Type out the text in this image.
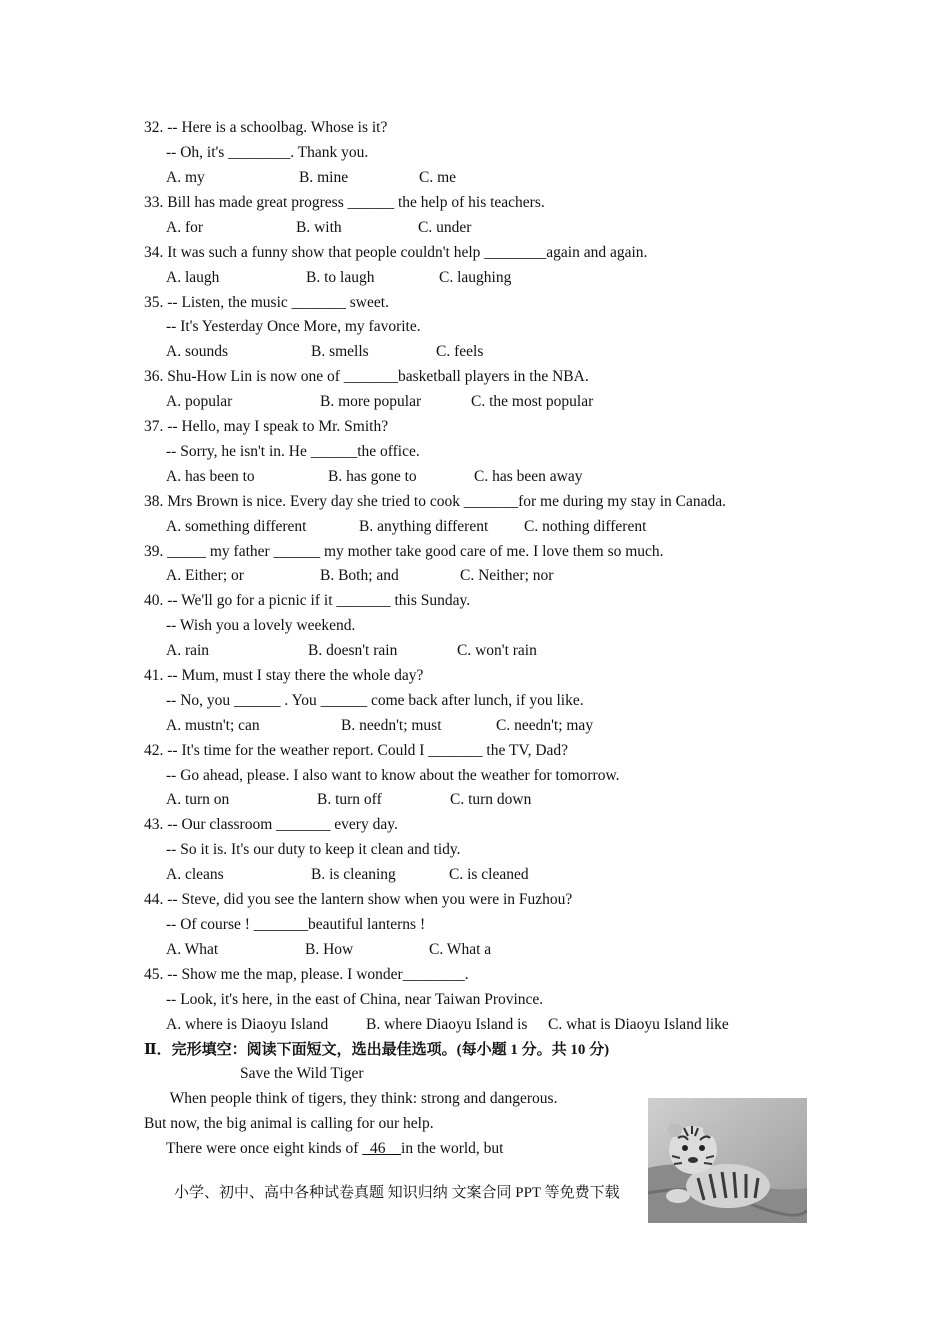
32. -- Here is a schoolbag. Whose is it?
-- Oh, it's ________. Thank you.
A. my	B. mine	C. me
33. Bill has made great progress ______ the help of his teachers.
A. for	B. with	C. under
34. It was such a funny show that people couldn't help ________again and again.
A. laugh	B. to laugh	C. laughing
35. -- Listen, the music _______ sweet.
-- It's Yesterday Once More, my favorite.
A. sounds	B. smells	C. feels
36. Shu-How Lin is now one of _______basketball players in the NBA.
A. popular	B. more popular	C. the most popular
37. -- Hello, may I speak to Mr. Smith?
-- Sorry, he isn't in. He ______the office.
A. has been to	B. has gone to	C. has been away
38. Mrs Brown is nice. Every day she tried to cook _______for me during my stay in Canada.
A. something different	B. anything different C. nothing different
39. _____ my father ______ my mother take good care of me. I love them so much.
A. Either; or	B. Both; and	C. Neither; nor
40. -- We'll go for a picnic if it _______ this Sunday.
-- Wish you a lovely weekend.
A. rain	B. doesn't rain	C. won't rain
41. -- Mum, must I stay there the whole day?
-- No, you ______ . You ______ come back after lunch, if you like.
A. mustn't; can	B. needn't; must	C. needn't; may
42. -- It's time for the weather report. Could I _______ the TV, Dad?
-- Go ahead, please. I also want to know about the weather for tomorrow.
A. turn on	B. turn off	C. turn down
43. -- Our classroom _______ every day.
-- So it is. It's our duty to keep it clean and tidy.
A. cleans	B. is cleaning	C. is cleaned
44. -- Steve, did you see the lantern show when you were in Fuzhou?
-- Of course ! _______beautiful lanterns !
A. What	B. How	C. What a
45. -- Show me the map, please. I wonder________.
-- Look, it's here, in the east of China, near Taiwan Province.
A. where is Diaoyu Island B. where Diaoyu Island is C. what is Diaoyu Island like
Ⅱ．完形填空：阅读下面短文，选出最佳选项。(每小题 1 分。共 10 分)
Save the Wild Tiger
When people think of tigers, they think: strong and dangerous.
But now, the big animal is calling for our help.
There were once eight kinds of   46    in the world, but
小学、初中、高中各种试卷真题 知识归纳 文案合同 PPT 等免费下载
